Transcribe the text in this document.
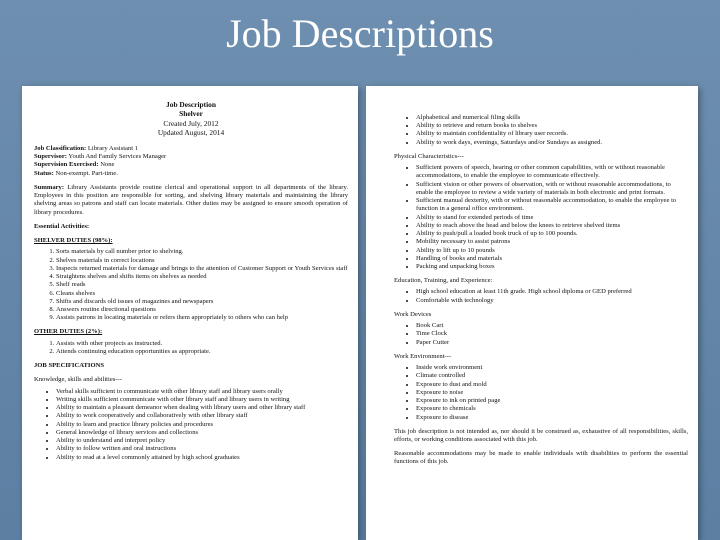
Job Descriptions
Job Description
Shelver
Created July, 2012
Updated August, 2014

Job Classification: Library Assistant 1

Supervisor: Youth And Family Services Manager

Supervision Exercised: None

Status: Non-exempt. Part-time.

Summary: Library Assistants provide routine clerical and operational support in all departments of the library. Employees in this position are responsible for sorting, and shelving library materials and maintaining the library shelving areas so patrons and staff can locate materials. Other duties may be assigned to ensure smooth operation of library procedures.

Essential Activities:
SHELVER DUTIES (98%):
1. Sorts materials by call number prior to shelving.
2. Shelves materials in correct locations
3. Inspects returned materials for damage and brings to the attention of Customer Support or Youth Services staff
4. Straightens shelves and shifts items on shelves as needed
5. Shelf reads
6. Cleans shelves
7. Shifts and discards old issues of magazines and newspapers
8. Answers routine directional questions
9. Assists patrons in locating materials or refers them appropriately to others who can help
OTHER DUTIES (2%):
1. Assists with other projects as instructed.
2. Attends continuing education opportunities as appropriate.
JOB SPECIFICATIONS
Knowledge, skills and abilities---
• Verbal skills sufficient to communicate with other library staff and library users orally
• Writing skills sufficient communicate with other library staff and library users in writing
• Ability to maintain a pleasant demeanor when dealing with library users and other library staff
• Ability to work cooperatively and collaboratively with other library staff
• Ability to learn and practice library policies and procedures
• General knowledge of library services and collections
• Ability to understand and interpret policy
• Ability to follow written and oral instructions
• Ability to read at a level commonly attained by high school graduates
• Alphabetical and numerical filing skills
• Ability to retrieve and return books to shelves
• Ability to maintain confidentiality of library user records.
• Ability to work days, evenings, Saturdays and/or Sundays as assigned.
Physical Characteristics---
• Sufficient powers of speech, hearing or other common capabilities, with or without reasonable accommodations, to enable the employee to communicate effectively.
• Sufficient vision or other powers of observation, with or without reasonable accommodations, to enable the employee to review a wide variety of materials in both electronic and print formats.
• Sufficient manual dexterity, with or without reasonable accommodation, to enable the employee to function in a general office environment.
• Ability to stand for extended periods of time
• Ability to reach above the head and below the knees to retrieve shelved items
• Ability to push/pull a loaded book truck of up to 100 pounds.
• Mobility necessary to assist patrons
• Ability to lift up to 10 pounds
• Handling of books and materials
• Packing and unpacking boxes
Education, Training, and Experience:
• High school education at least 11th grade. High school diploma or GED preferred
• Comfortable with technology
Work Devices
• Book Cart
• Time Clock
• Paper Cutter
Work Environment---
• Inside work environment
• Climate controlled
• Exposure to dust and mold
• Exposure to noise
• Exposure to ink on printed page
• Exposure to chemicals
• Exposure to disease

This job description is not intended as, nor should it be construed as, exhaustive of all responsibilities, skills, efforts, or working conditions associated with this job.

Reasonable accommodations may be made to enable individuals with disabilities to perform the essential functions of this job.
